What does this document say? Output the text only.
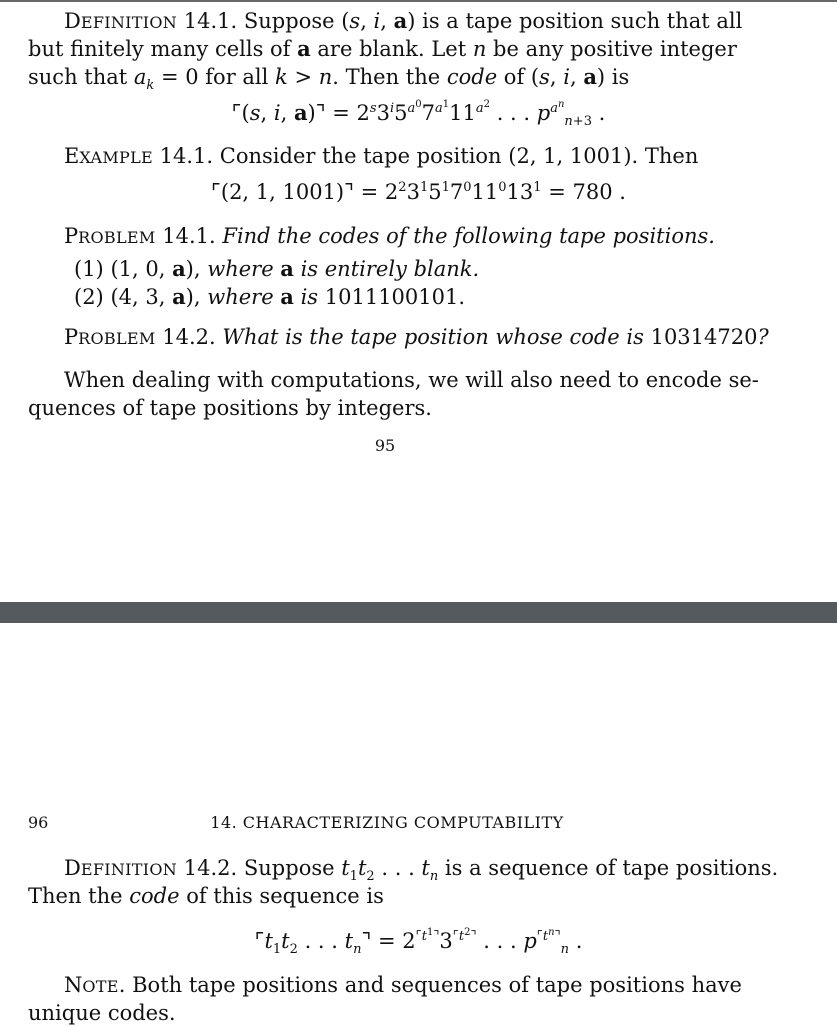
DEFINITION 14.1. Suppose (s, i, a) is a tape position such that all
but finitely many cells of a are blank. Let n be any positive integer
such that $a_k = 0$ for all k > n. Then the code of (s, i, a) is
⌜(s, i, a)⌝ = $2^s3^i5^{a^0}7^{a^1}11^{a^2}$ . . . $p^{a^n}_{n+3}$ .
EXAMPLE 14.1. Consider the tape position (2, 1, 1001). Then
⌜(2, 1, 1001)⌝ = $2^23^15^17^011^013^1 = 780$ .
PROBLEM 14.1. Find the codes of the following tape positions.
(1) (1, 0, a), where a is entirely blank.
(2) (4, 3, a), where a is 1011100101.
PROBLEM 14.2. What is the tape position whose code is 10314720?
When dealing with computations, we will also need to encode se-
quences of tape positions by integers.
95
96	14. CHARACTERIZING COMPUTABILITY
DEFINITION 14.2. Suppose $t_1t_2$ . . . $t_n$ is a sequence of tape positions.
Then the code of this sequence is
$⌜t_1t_2$ . . . $t_n⌝ = 2^{⌜t^1⌝}3^{⌜t^2⌝}$ . . . $p^{⌜t^n⌝}_n$ .
NOTE. Both tape positions and sequences of tape positions have
unique codes.
